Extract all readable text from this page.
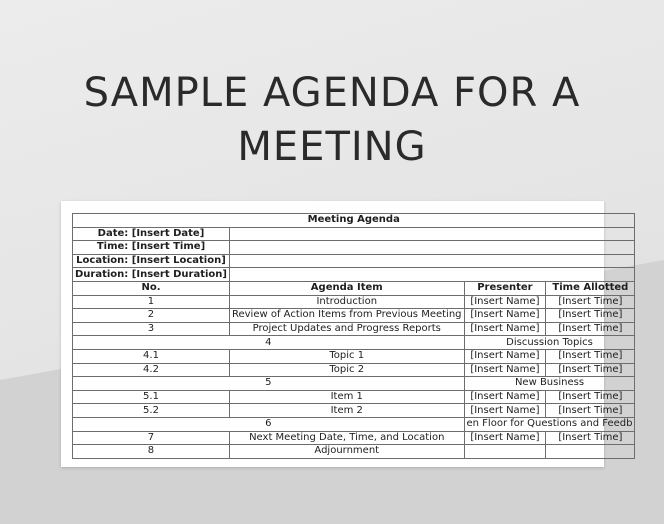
SAMPLE AGENDA FOR A
MEETING
Meeting Agenda			
Date: [Insert Date]			
Time: [Insert Time]			
Location: [Insert Location]			
Duration: [Insert Duration]			
No.	Agenda Item	Presenter	Time Allotted
1	Introduction	[Insert Name]	[Insert Time]
2	Review of Action Items from Previous Meeting	[Insert Name]	[Insert Time]
3	Project Updates and Progress Reports	[Insert Name]	[Insert Time]
4		Discussion Topics	
4.1	Topic 1	[Insert Name]	[Insert Time]
4.2	Topic 2	[Insert Name]	[Insert Time]
5		New Business	
5.1	Item 1	[Insert Name]	[Insert Time]
5.2	Item 2	[Insert Name]	[Insert Time]
6		en Floor for Questions and Feedb	
7	Next Meeting Date, Time, and Location	[Insert Name]	[Insert Time]
8	Adjournment		
